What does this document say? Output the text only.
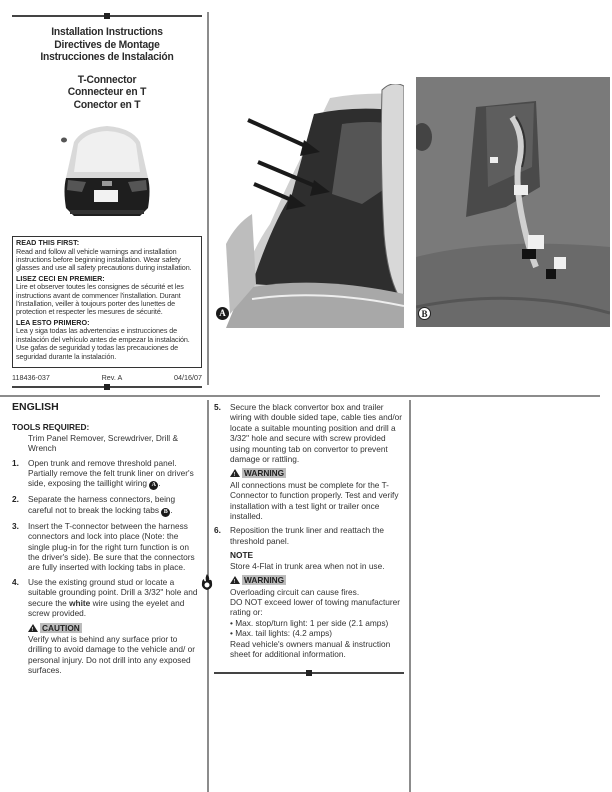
Installation Instructions
Directives de Montage
Instrucciones de Instalación
T-Connector
Connecteur en T
Conector en T
READ THIS FIRST:
Read and follow all vehicle warnings and installation instructions before beginning installation. Wear safety glasses and use all safety precautions during installation.
LISEZ CECI EN PREMIER:
Lire et observer toutes les consignes de sécurité et les instructions avant de commencer l'installation. Durant l'installation, veiller à toujours porter des lunettes de protection et respecter les mesures de sécurité.
LEA ESTO PRIMERO:
Lea y siga todas las advertencias e instrucciones de instalación del vehículo antes de empezar la instalación. Use gafas de seguridad y todas las precauciones de seguridad durante la instalación.
118436-037	Rev. A	04/16/07
A	B
ENGLISH
TOOLS REQUIRED:
Trim Panel Remover, Screwdriver, Drill & Wrench
1.	Open trunk and remove threshold panel. Partially remove the felt trunk liner on driver's side, exposing the taillight wiring A .
2.	Separate the harness connectors, being careful not to break the locking tabs B .
3.	Insert the T-connector between the harness connectors and lock into place (Note: the single plug-in for the right turn function is on the driver's side). Be sure that the connectors are fully inserted with locking tabs in place.
4.	Use the existing ground stud or locate a suitable grounding point. Drill a 3/32" hole and secure the white wire using the eyelet and screw provided.
!
CAUTION
Verify what is behind any surface prior to drilling to avoid damage to the vehicle and/ or personal injury. Do not drill into any exposed surfaces.
5.	Secure the black convertor box and trailer wiring with double sided tape, cable ties and/or locate a suitable mounting position and drill a 3/32" hole and secure with screw provided using mounting tab on convertor to prevent damage or rattling.
!
WARNING
All connections must be complete for the T-Connector to function properly. Test and verify installation with a test light or trailer once installed.
6.	Reposition the trunk liner and reattach the threshold panel.
NOTE
Store 4-Flat in trunk area when not in use.
!
WARNING
Overloading circuit can cause fires.
DO NOT exceed lower of towing manufacturer rating or:
• Max. stop/turn light: 1 per side (2.1 amps)
• Max. tail lights: (4.2 amps)
Read vehicle's owners manual & instruction sheet for additional information.
